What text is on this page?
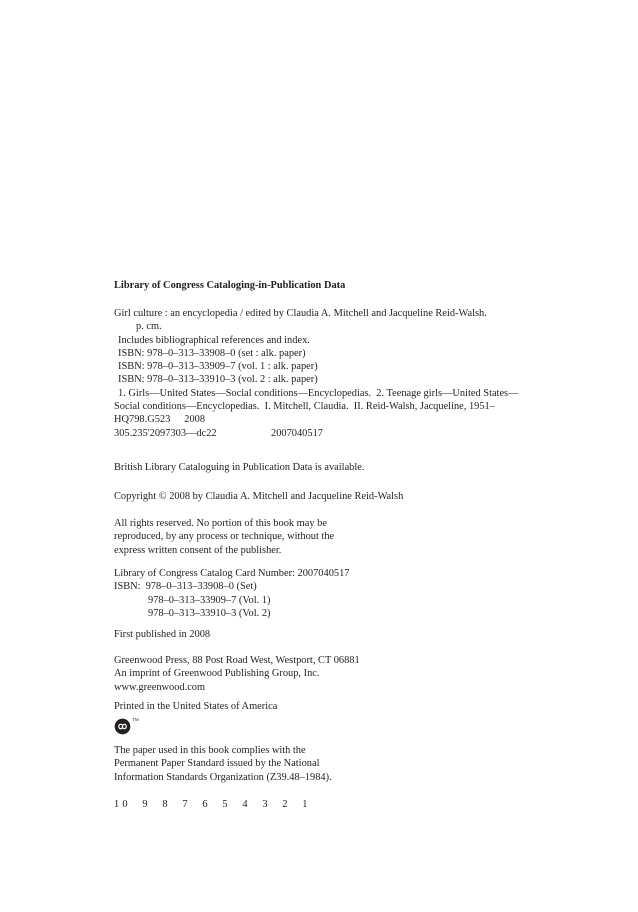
Library of Congress Cataloging-in-Publication Data
Girl culture : an encyclopedia / edited by Claudia A. Mitchell and Jacqueline Reid-Walsh.
p. cm.
Includes bibliographical references and index.
ISBN: 978–0–313–33908–0 (set : alk. paper)
ISBN: 978–0–313–33909–7 (vol. 1 : alk. paper)
ISBN: 978–0–313–33910–3 (vol. 2 : alk. paper)
1. Girls—United States—Social conditions—Encyclopedias.  2. Teenage girls—United States—
Social conditions—Encyclopedias.  I. Mitchell, Claudia.  II. Reid-Walsh, Jacqueline, 1951–
HQ798.G523 2008
305.235'2097303—dc22	2007040517
British Library Cataloguing in Publication Data is available.
Copyright © 2008 by Claudia A. Mitchell and Jacqueline Reid-Walsh
All rights reserved. No portion of this book may be
reproduced, by any process or technique, without the
express written consent of the publisher.
Library of Congress Catalog Card Number: 2007040517
ISBN: 978–0–313–33908–0 (Set)
978–0–313–33909–7 (Vol. 1)
978–0–313–33910–3 (Vol. 2)
First published in 2008
Greenwood Press, 88 Post Road West, Westport, CT 06881
An imprint of Greenwood Publishing Group, Inc.
www.greenwood.com
Printed in the United States of America
TM
The paper used in this book complies with the
Permanent Paper Standard issued by the National
Information Standards Organization (Z39.48–1984).
10  9  8  7  6  5  4  3  2  1
